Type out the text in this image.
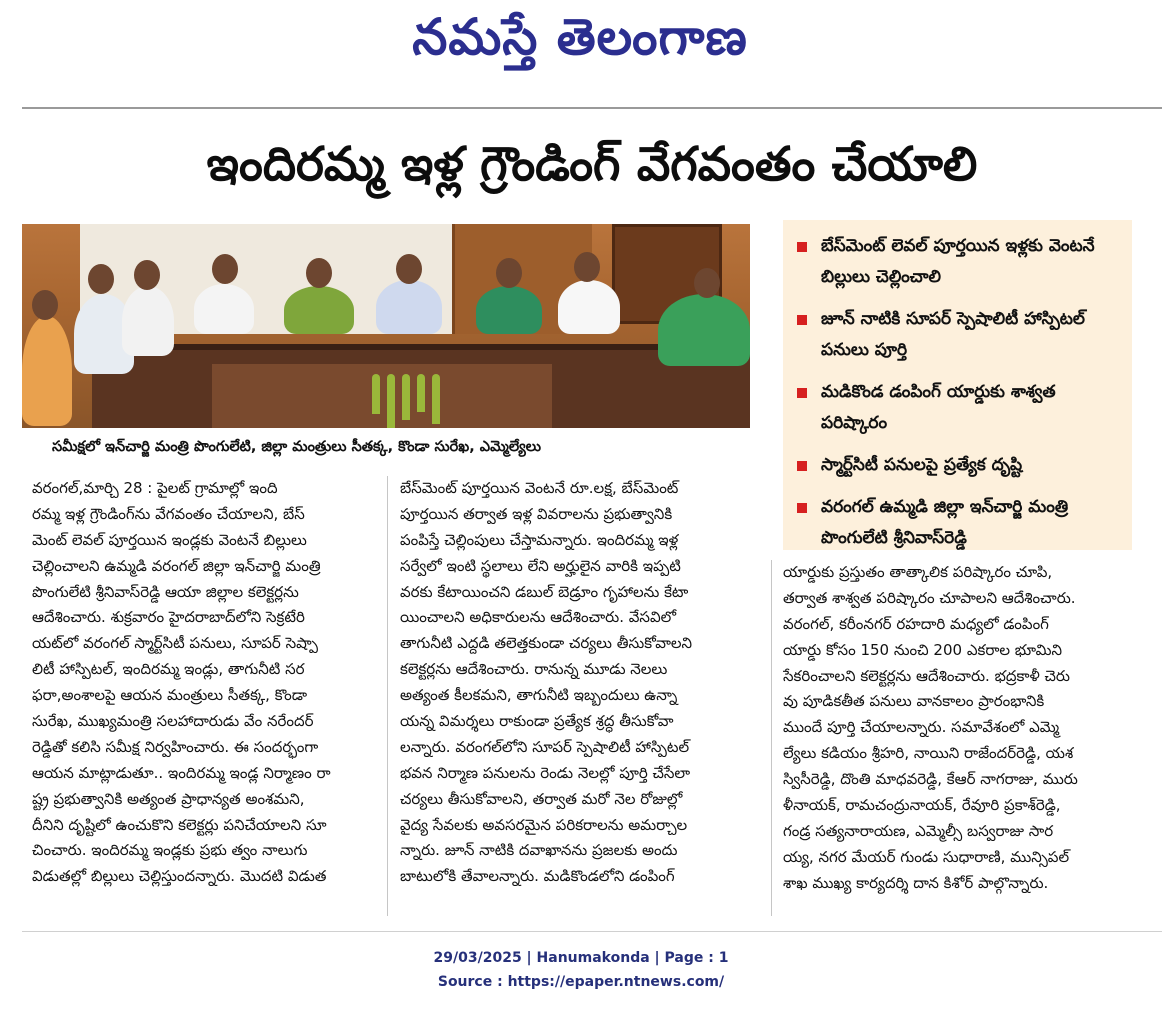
నమస్తే తెలంగాణ
ఇందిరమ్మ ఇళ్ల గ్రౌండింగ్ వేగవంతం చేయాలి
సమీక్షలో ఇన్‌చార్జి మంత్రి పొంగులేటి, జిల్లా మంత్రులు సీతక్క, కొండా సురేఖ, ఎమ్మెల్యేలు
బేస్‌మెంట్ లెవల్ పూర్తయిన ఇళ్లకు వెంటనే బిల్లులు చెల్లించాలి
జూన్ నాటికి సూపర్ స్పెషాలిటీ హాస్పిటల్ పనులు పూర్తి
మడికొండ డంపింగ్ యార్డుకు శాశ్వత పరిష్కారం
స్మార్ట్‌సిటీ పనులపై ప్రత్యేక దృష్టి
వరంగల్ ఉమ్మడి జిల్లా ఇన్‌చార్జి మంత్రి పొంగులేటి శ్రీనివాస్‌రెడ్డి
వరంగల్,మార్చి 28 : పైలట్ గ్రామాల్లో ఇంది
రమ్మ ఇళ్ల గ్రౌండింగ్‌ను వేగవంతం చేయాలని, బేస్
మెంట్ లెవల్ పూర్తయిన ఇండ్లకు వెంటనే బిల్లులు
చెల్లించాలని ఉమ్మడి వరంగల్ జిల్లా ఇన్‌చార్జి మంత్రి
పొంగులేటి శ్రీనివాస్‌రెడ్డి ఆయా జిల్లాల కలెక్టర్లను
ఆదేశించారు. శుక్రవారం హైదరాబాద్‌లోని సెక్రటేరి
యట్‌లో వరంగల్ స్మార్ట్‌సిటీ పనులు, సూపర్ సెష్పా
లిటీ హాస్పిటల్, ఇందిరమ్మ ఇండ్లు, తాగునీటి సర
ఫరా,అంశాలపై ఆయన మంత్రులు సీతక్క, కొండా
సురేఖ, ముఖ్యమంత్రి సలహాదారుడు వేం నరేందర్
రెడ్డితో కలిసి సమీక్ష నిర్వహించారు. ఈ సందర్భంగా
ఆయన మాట్లాడుతూ.. ఇందిరమ్మ ఇండ్ల నిర్మాణం రా
ష్ట్ర ప్రభుత్వానికి అత్యంత ప్రాధాన్యత అంశమని,
దీనిని దృష్టిలో ఉంచుకొని కలెక్టర్లు పనిచేయాలని సూ
చించారు. ఇందిరమ్మ ఇండ్లకు ప్రభు త్వం నాలుగు
విడుతల్లో బిల్లులు చెల్లిస్తుందన్నారు. మొదటి విడుత
బేస్‌మెంట్ పూర్తయిన వెంటనే రూ.లక్ష, బేస్‌మెంట్
పూర్తయిన తర్వాత ఇళ్ల వివరాలను ప్రభుత్వానికి
పంపిస్తే చెల్లింపులు చేస్తామన్నారు. ఇందిరమ్మ ఇళ్ల
సర్వేలో ఇంటి స్థలాలు లేని అర్హులైన వారికి ఇప్పటి
వరకు కేటాయించని డబుల్ బెడ్రూం గృహాలను కేటా
యించాలని అధికారులను ఆదేశించారు. వేసవిలో
తాగునీటి ఎద్దడి తలెత్తకుండా చర్యలు తీసుకోవాలని
కలెక్టర్లను ఆదేశించారు. రానున్న మూడు నెలలు
అత్యంత కీలకమని, తాగునీటి ఇబ్బందులు ఉన్నా
యన్న విమర్శలు రాకుండా ప్రత్యేక శ్రద్ధ తీసుకోవా
లన్నారు. వరంగల్‌లోని సూపర్ స్పెషాలిటీ హాస్పిటల్
భవన నిర్మాణ పనులను రెండు నెలల్లో పూర్తి చేసేలా
చర్యలు తీసుకోవాలని, తర్వాత మరో నెల రోజుల్లో
వైద్య సేవలకు అవసరమైన పరికరాలను అమర్చాల
న్నారు. జూన్ నాటికి దవాఖానను ప్రజలకు అందు
బాటులోకి తేవాలన్నారు. మడికొండలోని డంపింగ్
యార్డుకు ప్రస్తుతం తాత్కాలిక పరిష్కారం చూపి,
తర్వాత శాశ్వత పరిష్కారం చూపాలని ఆదేశించారు.
వరంగల్, కరీంనగర్ రహదారి మధ్యలో డంపింగ్
యార్డు కోసం 150 నుంచి 200 ఎకరాల భూమిని
సేకరించాలని కలెక్టర్లను ఆదేశించారు. భద్రకాళీ చెరు
వు పూడికతీత పనులు వానకాలం ప్రారంభానికి
ముందే పూర్తి చేయాలన్నారు. సమావేశంలో ఎమ్మె
ల్యేలు కడియం శ్రీహరి, నాయిని రాజేందర్‌రెడ్డి, యశ
స్విసీరెడ్డి, దొంతి మాధవరెడ్డి, కేఆర్ నాగరాజు, మురు
ళీనాయక్, రామచంద్రునాయక్, రేవూరి ప్రకాశ్‌రెడ్డి,
గండ్ర సత్యనారాయణ, ఎమ్మెల్సీ బస్వరాజు సార
య్య, నగర మేయర్ గుండు సుధారాణి, మున్సిపల్
శాఖ ముఖ్య కార్యదర్శి దాన కిశోర్ పాల్గొన్నారు.
29/03/2025 | Hanumakonda | Page : 1
Source : https://epaper.ntnews.com/
